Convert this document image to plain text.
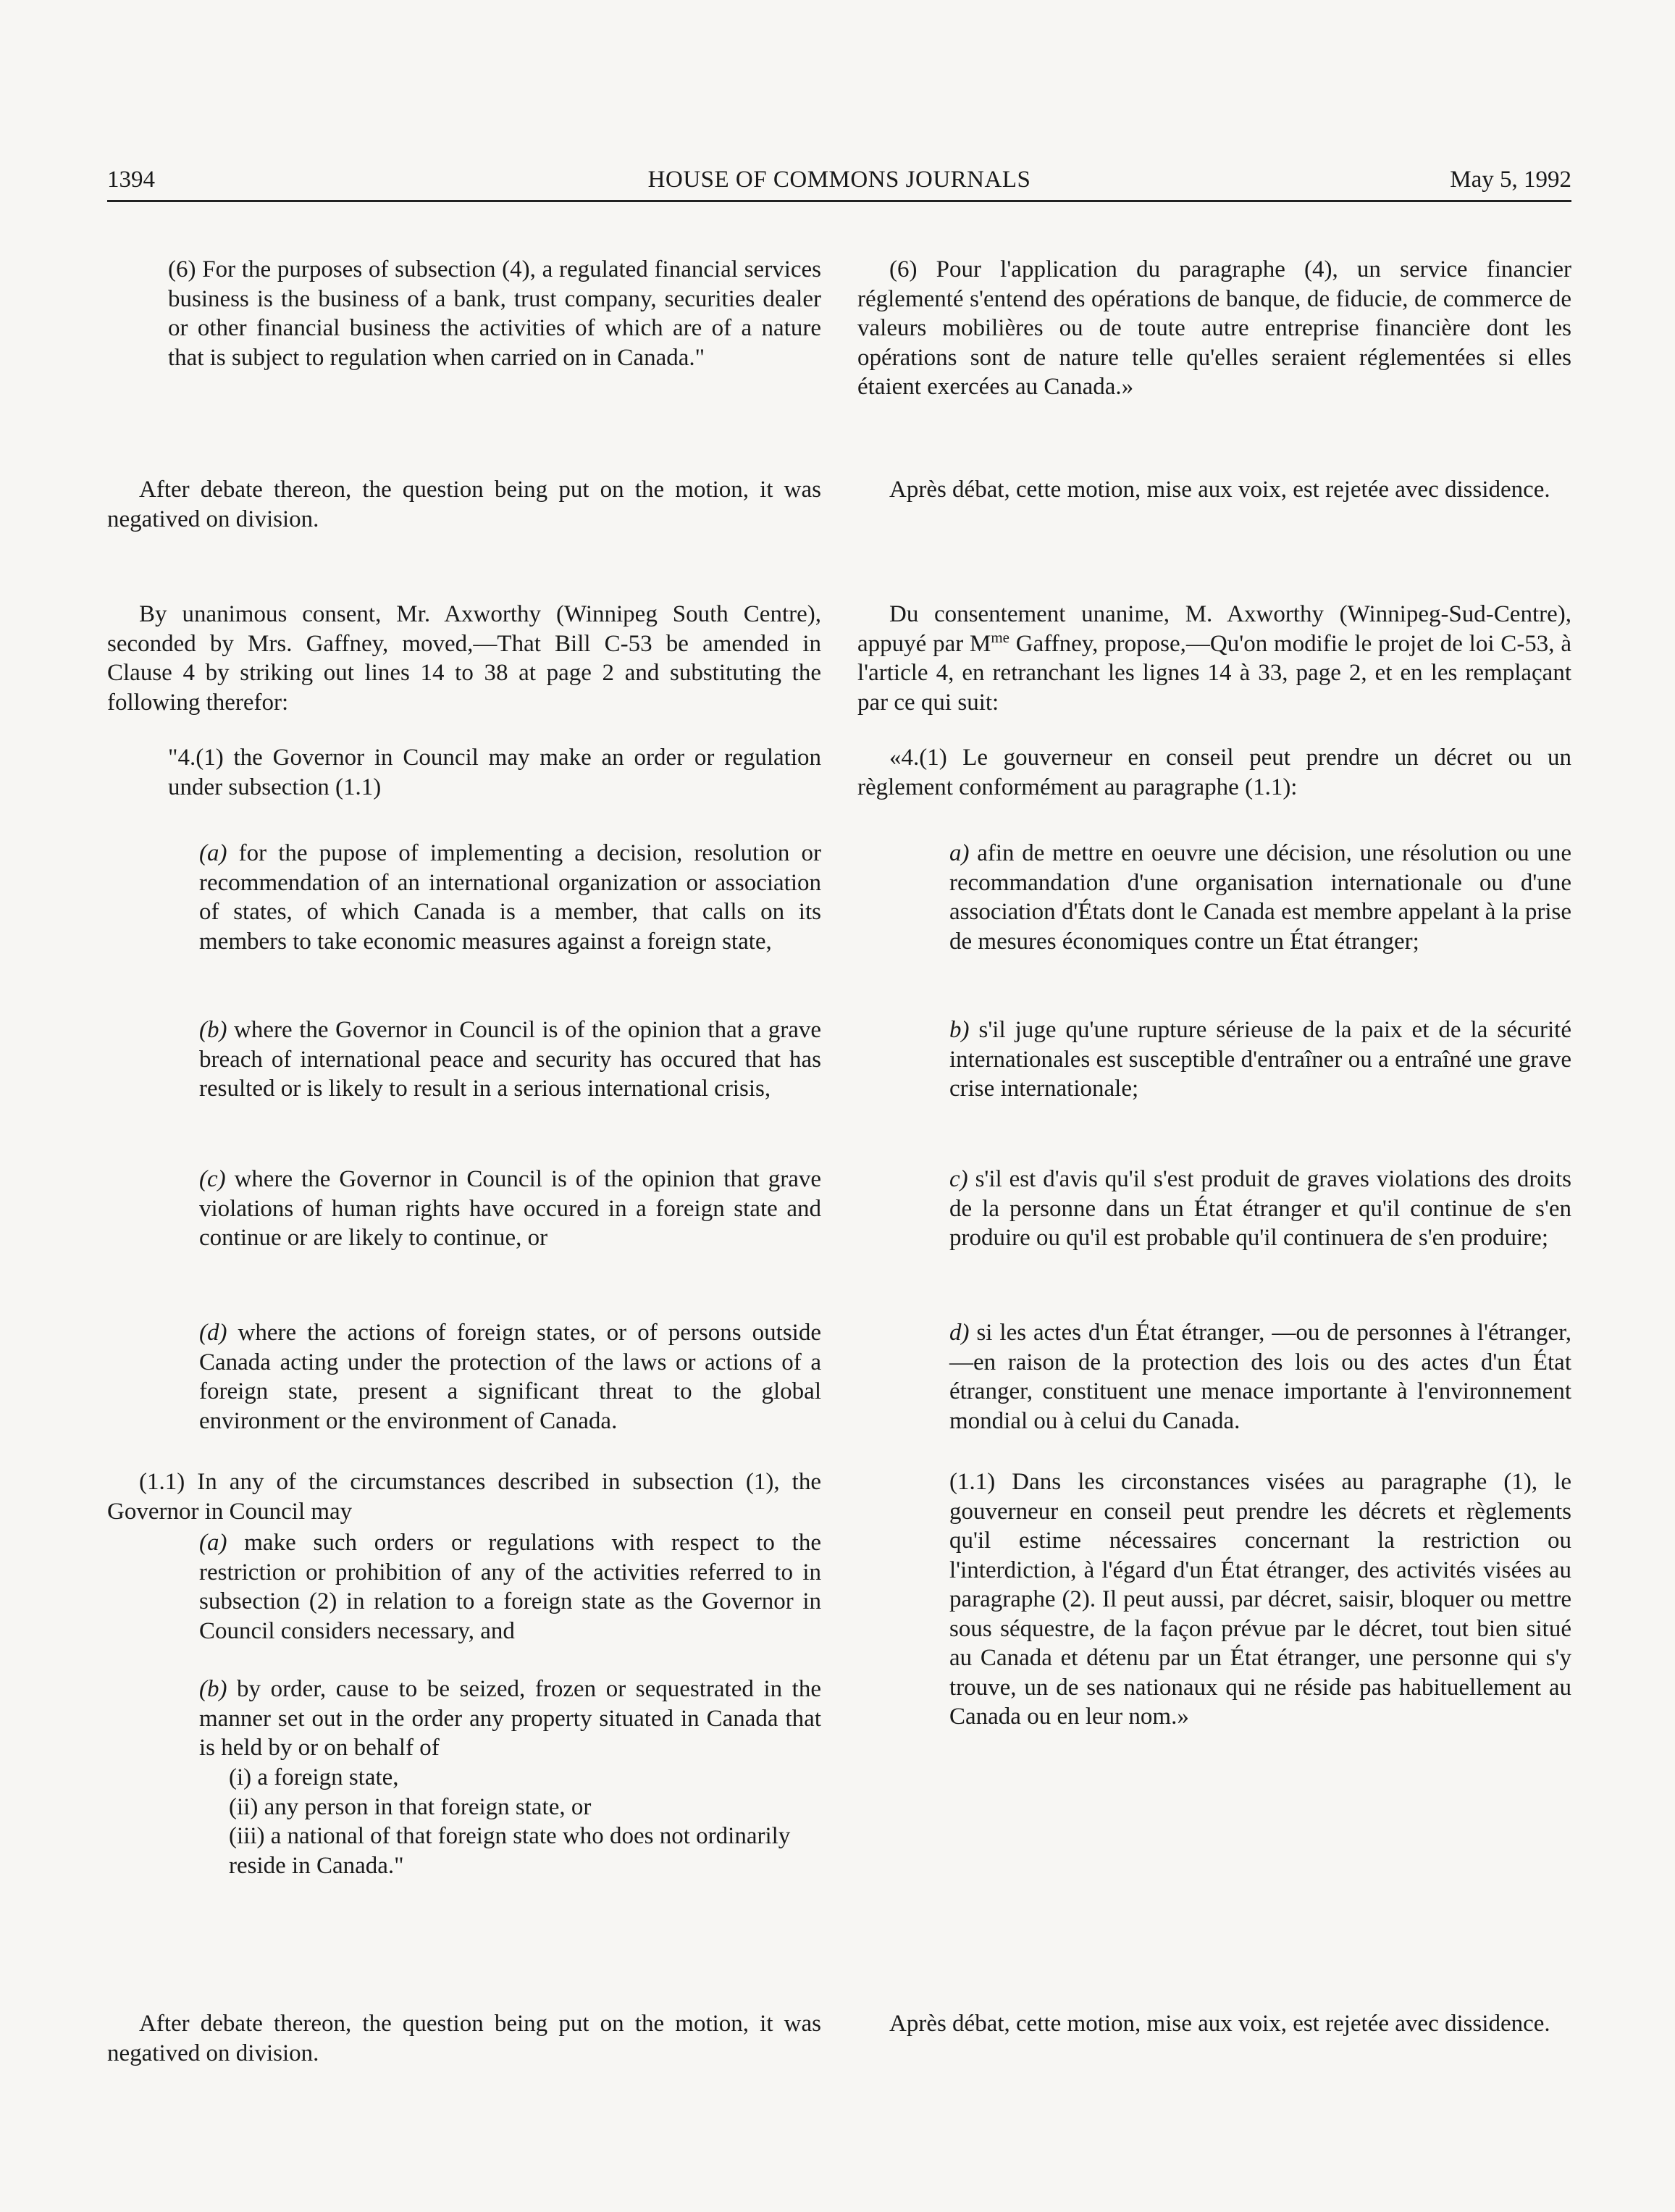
1394	HOUSE OF COMMONS JOURNALS	May 5, 1992

(6) For the purposes of subsection (4), a regulated financial services business is the business of a bank, trust company, securities dealer or other financial business the activities of which are of a nature that is subject to regulation when carried on in Canada."

After debate thereon, the question being put on the motion, it was negatived on division.

By unanimous consent, Mr. Axworthy (Winnipeg South Centre), seconded by Mrs. Gaffney, moved,—That Bill C-53 be amended in Clause 4 by striking out lines 14 to 38 at page 2 and substituting the following therefor:

"4.(1) the Governor in Council may make an order or regulation under subsection (1.1)

(a) for the pupose of implementing a decision, resolution or recommendation of an international organization or association of states, of which Canada is a member, that calls on its members to take economic measures against a foreign state,

(b) where the Governor in Council is of the opinion that a grave breach of international peace and security has occured that has resulted or is likely to result in a serious international crisis,

(c) where the Governor in Council is of the opinion that grave violations of human rights have occured in a foreign state and continue or are likely to continue, or

(d) where the actions of foreign states, or of persons outside Canada acting under the protection of the laws or actions of a foreign state, present a significant threat to the global environment or the environment of Canada.

(1.1) In any of the circumstances described in subsection (1), the Governor in Council may

(a) make such orders or regulations with respect to the restriction or prohibition of any of the activities referred to in subsection (2) in relation to a foreign state as the Governor in Council considers necessary, and

(b) by order, cause to be seized, frozen or sequestrated in the manner set out in the order any property situated in Canada that is held by or on behalf of

(i) a foreign state,

(ii) any person in that foreign state, or

(iii) a national of that foreign state who does not ordinarily reside in Canada."

After debate thereon, the question being put on the motion, it was negatived on division.

(6) Pour l'application du paragraphe (4), un service financier réglementé s'entend des opérations de banque, de fiducie, de commerce de valeurs mobilières ou de toute autre entreprise financière dont les opérations sont de nature telle qu'elles seraient réglementées si elles étaient exercées au Canada.»

Après débat, cette motion, mise aux voix, est rejetée avec dissidence.

Du consentement unanime, M. Axworthy (Winnipeg-Sud-Centre), appuyé par $M^{me}$ Gaffney, propose,—Qu'on modifie le projet de loi C-53, à l'article 4, en retranchant les lignes 14 à 33, page 2, et en les remplaçant par ce qui suit:

«4.(1) Le gouverneur en conseil peut prendre un décret ou un règlement conformément au paragraphe (1.1):

a) afin de mettre en oeuvre une décision, une résolution ou une recommandation d'une organisation internationale ou d'une association d'États dont le Canada est membre appelant à la prise de mesures économiques contre un État étranger;

b) s'il juge qu'une rupture sérieuse de la paix et de la sécurité internationales est susceptible d'entraîner ou a entraîné une grave crise internationale;

c) s'il est d'avis qu'il s'est produit de graves violations des droits de la personne dans un État étranger et qu'il continue de s'en produire ou qu'il est probable qu'il continuera de s'en produire;

d) si les actes d'un État étranger, —ou de personnes à l'étranger, —en raison de la protection des lois ou des actes d'un État étranger, constituent une menace importante à l'environnement mondial ou à celui du Canada.

(1.1) Dans les circonstances visées au paragraphe (1), le gouverneur en conseil peut prendre les décrets et règlements qu'il estime nécessaires concernant la restriction ou l'interdiction, à l'égard d'un État étranger, des activités visées au paragraphe (2). Il peut aussi, par décret, saisir, bloquer ou mettre sous séquestre, de la façon prévue par le décret, tout bien situé au Canada et détenu par un État étranger, une personne qui s'y trouve, un de ses nationaux qui ne réside pas habituellement au Canada ou en leur nom.»

Après débat, cette motion, mise aux voix, est rejetée avec dissidence.
